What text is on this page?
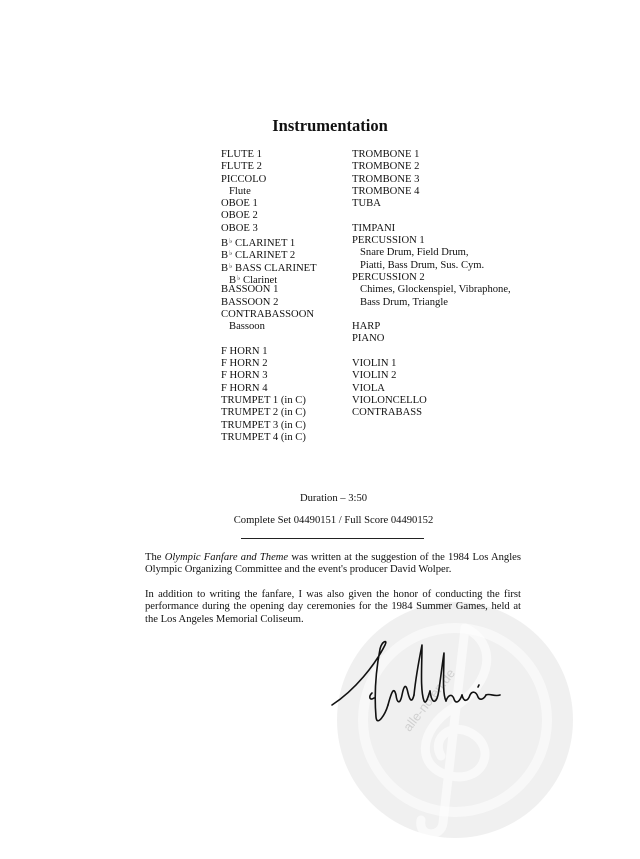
alle-noten.de
Instrumentation
FLUTE 1
FLUTE 2
PICCOLO
Flute
OBOE 1
OBOE 2
OBOE 3
B♭ CLARINET 1
B♭ CLARINET 2
B♭ BASS CLARINET
B♭ Clarinet
BASSOON 1
BASSOON 2
CONTRABASSOON
Bassoon
F HORN 1
F HORN 2
F HORN 3
F HORN 4
TRUMPET 1 (in C)
TRUMPET 2 (in C)
TRUMPET 3 (in C)
TRUMPET 4 (in C)
TROMBONE 1
TROMBONE 2
TROMBONE 3
TROMBONE 4
TUBA
TIMPANI
PERCUSSION 1
Snare Drum, Field Drum,
Piatti, Bass Drum, Sus. Cym.
PERCUSSION 2
Chimes, Glockenspiel, Vibraphone,
Bass Drum, Triangle
HARP
PIANO
VIOLIN 1
VIOLIN 2
VIOLA
VIOLONCELLO
CONTRABASS
Duration – 3:50
Complete Set 04490151 / Full Score 04490152

The Olympic Fanfare and Theme was written at the suggestion of the 1984 Los Angles Olympic Organizing Committee and the event's producer David Wolper.

In addition to writing the fanfare, I was also given the honor of conducting the first performance during the opening day ceremonies for the 1984 Summer Games, held at the Los Angeles Memorial Coliseum.
